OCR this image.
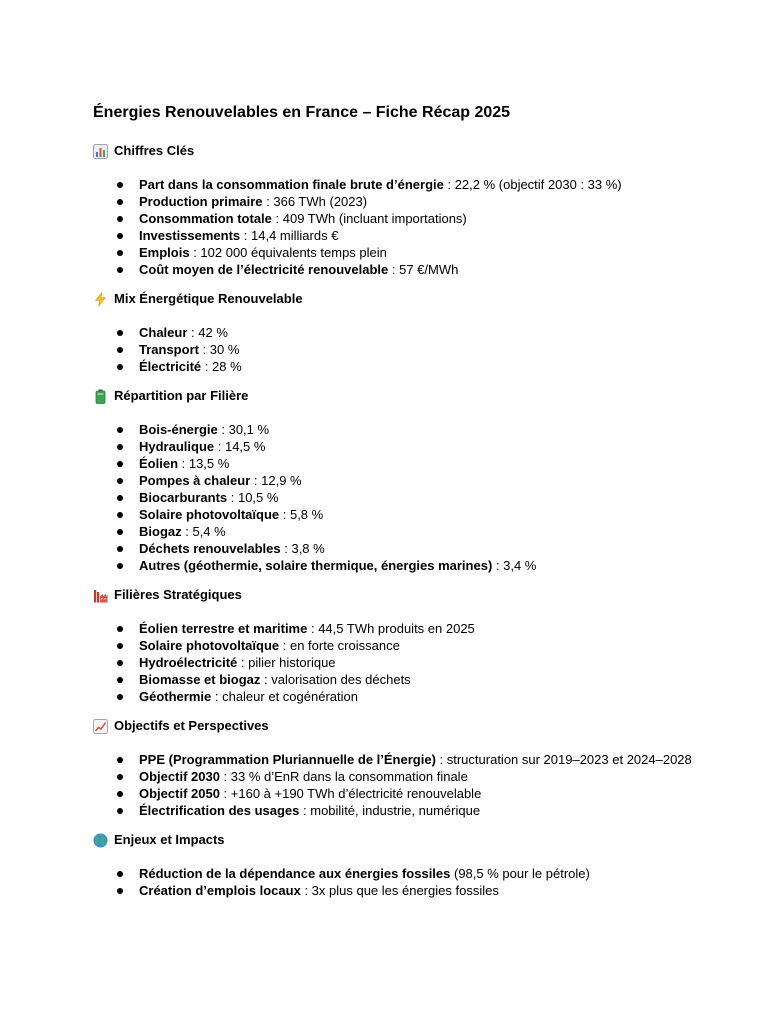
Énergies Renouvelables en France – Fiche Récap 2025
Chiffres Clés
Part dans la consommation finale brute d’énergie : 22,2 % (objectif 2030 : 33 %)
Production primaire : 366 TWh (2023)
Consommation totale : 409 TWh (incluant importations)
Investissements : 14,4 milliards €
Emplois : 102 000 équivalents temps plein
Coût moyen de l’électricité renouvelable : 57 €/MWh
Mix Énergétique Renouvelable
Chaleur : 42 %
Transport : 30 %
Électricité : 28 %
Répartition par Filière
Bois-énergie : 30,1 %
Hydraulique : 14,5 %
Éolien : 13,5 %
Pompes à chaleur : 12,9 %
Biocarburants : 10,5 %
Solaire photovoltaïque : 5,8 %
Biogaz : 5,4 %
Déchets renouvelables : 3,8 %
Autres (géothermie, solaire thermique, énergies marines) : 3,4 %
Filières Stratégiques
Éolien terrestre et maritime : 44,5 TWh produits en 2025
Solaire photovoltaïque : en forte croissance
Hydroélectricité : pilier historique
Biomasse et biogaz : valorisation des déchets
Géothermie : chaleur et cogénération
Objectifs et Perspectives
PPE (Programmation Pluriannuelle de l’Énergie) : structuration sur 2019–2023 et 2024–2028
Objectif 2030 : 33 % d’EnR dans la consommation finale
Objectif 2050 : +160 à +190 TWh d’électricité renouvelable
Électrification des usages : mobilité, industrie, numérique
Enjeux et Impacts
Réduction de la dépendance aux énergies fossiles (98,5 % pour le pétrole)
Création d’emplois locaux : 3x plus que les énergies fossiles
